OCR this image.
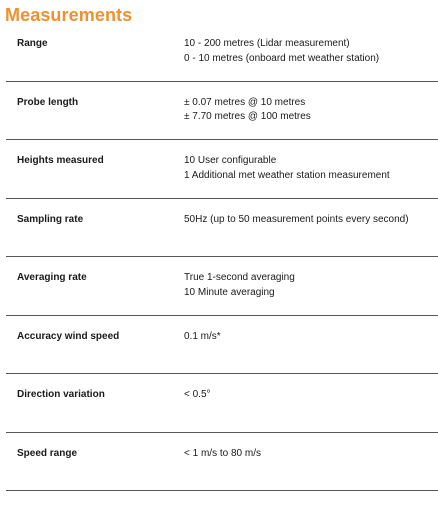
Measurements
Range	10 - 200 metres (Lidar measurement)
0 - 10 metres (onboard met weather station)
Probe length	± 0.07 metres @ 10 metres
± 7.70 metres @ 100 metres
Heights measured	10 User configurable
1 Additional met weather station measurement
Sampling rate	50Hz (up to 50 measurement points every second)
Averaging rate	True 1-second averaging
10 Minute averaging
Accuracy wind speed	0.1 m/s*
Direction variation	< 0.5°
Speed range	< 1 m/s to 80 m/s
